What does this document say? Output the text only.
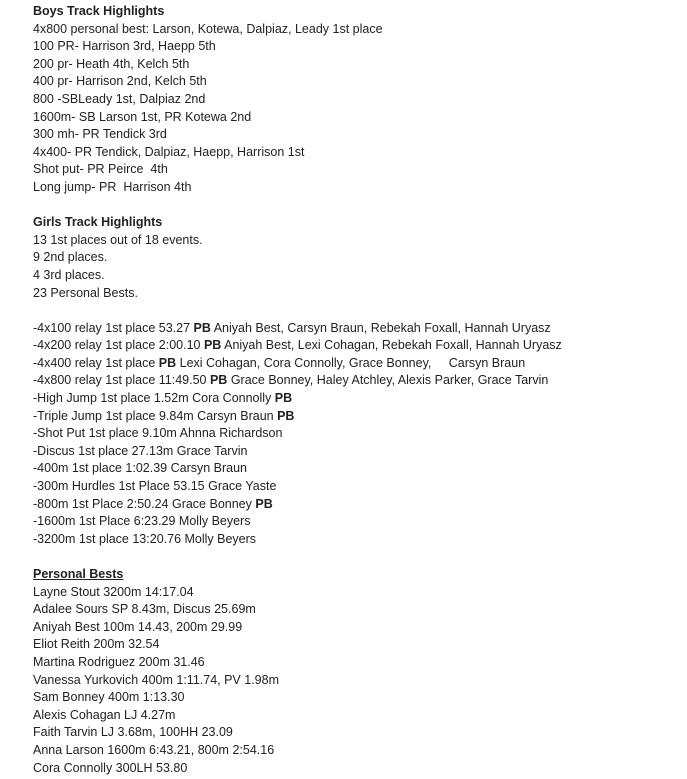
Boys Track Highlights
4x800 personal best: Larson, Kotewa, Dalpiaz, Leady 1st place
100 PR- Harrison 3rd, Haepp 5th
200 pr- Heath 4th, Kelch 5th
400 pr- Harrison 2nd, Kelch 5th
800 -SBLeady 1st, Dalpiaz 2nd
1600m- SB Larson 1st, PR Kotewa 2nd
300 mh- PR Tendick 3rd
4x400- PR Tendick, Dalpiaz, Haepp, Harrison 1st
Shot put- PR Peirce  4th
Long jump- PR  Harrison 4th
Girls Track Highlights
13 1st places out of 18 events.
9 2nd places.
4 3rd places.
23 Personal Bests.
-4x100 relay 1st place 53.27 PB Aniyah Best, Carsyn Braun, Rebekah Foxall, Hannah Uryasz
-4x200 relay 1st place 2:00.10 PB Aniyah Best, Lexi Cohagan, Rebekah Foxall, Hannah Uryasz
-4x400 relay 1st place PB Lexi Cohagan, Cora Connolly, Grace Bonney,     Carsyn Braun
-4x800 relay 1st place 11:49.50 PB Grace Bonney, Haley Atchley, Alexis Parker, Grace Tarvin
-High Jump 1st place 1.52m Cora Connolly PB
-Triple Jump 1st place 9.84m Carsyn Braun PB
-Shot Put 1st place 9.10m Ahnna Richardson
-Discus 1st place 27.13m Grace Tarvin
-400m 1st place 1:02.39 Carsyn Braun
-300m Hurdles 1st Place 53.15 Grace Yaste
-800m 1st Place 2:50.24 Grace Bonney PB
-1600m 1st Place 6:23.29 Molly Beyers
-3200m 1st place 13:20.76 Molly Beyers
Personal Bests
Layne Stout 3200m 14:17.04
Adalee Sours SP 8.43m, Discus 25.69m
Aniyah Best 100m 14.43, 200m 29.99
Eliot Reith 200m 32.54
Martina Rodriguez 200m 31.46
Vanessa Yurkovich 400m 1:11.74, PV 1.98m
Sam Bonney 400m 1:13.30
Alexis Cohagan LJ 4.27m
Faith Tarvin LJ 3.68m, 100HH 23.09
Anna Larson 1600m 6:43.21, 800m 2:54.16
Cora Connolly 300LH 53.80
